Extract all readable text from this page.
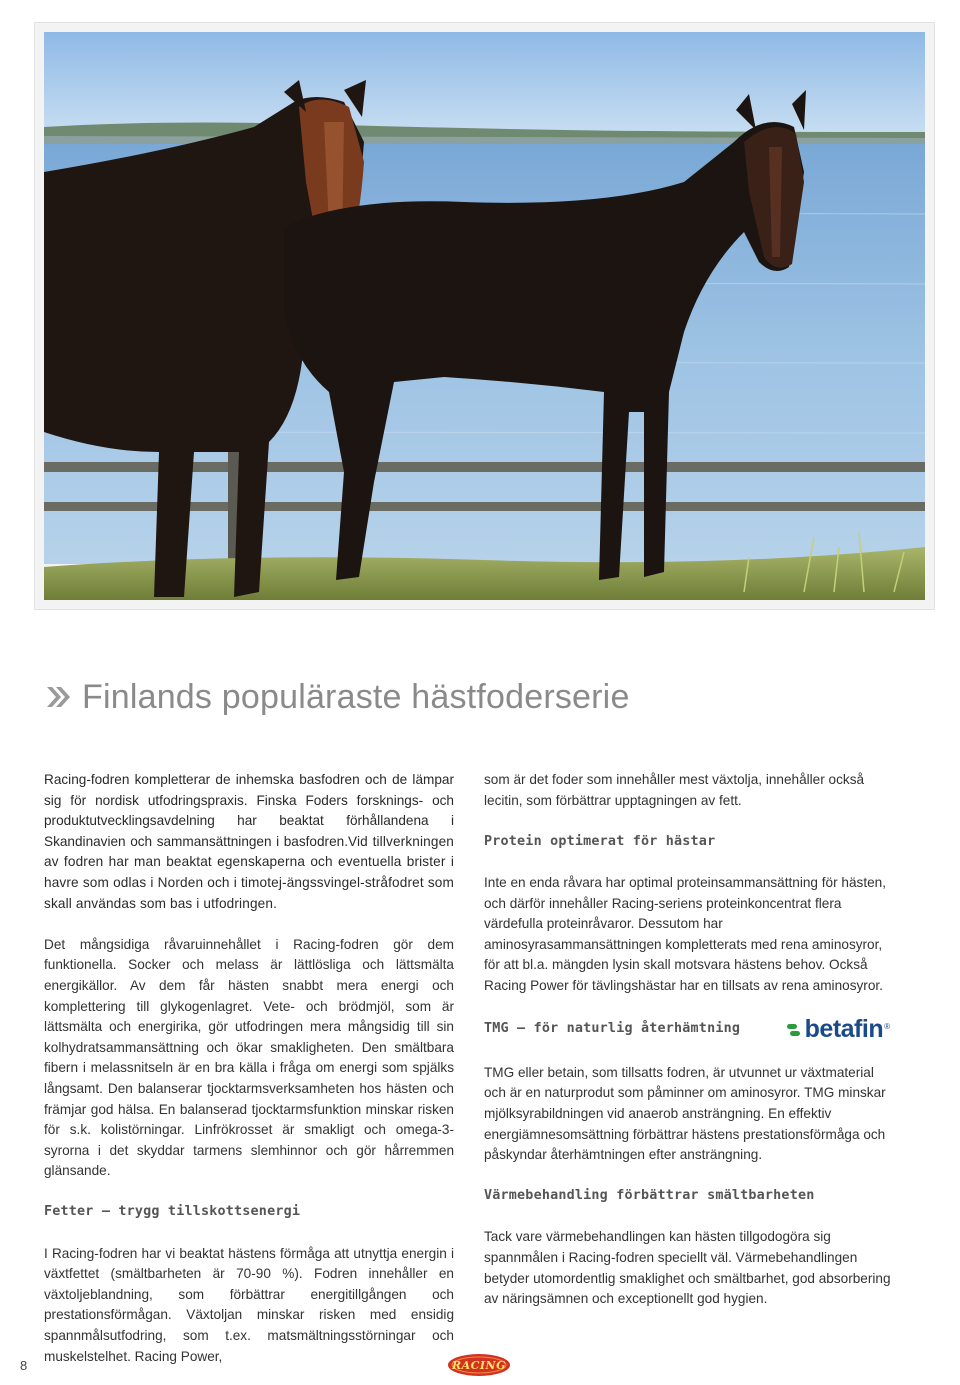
Finlands populäraste hästfoderserie

Racing-fodren kompletterar de inhemska basfodren och de lämpar sig för nordisk utfodringspraxis. Finska Foders forsknings- och produktutvecklingsavdelning har beaktat förhållandena i Skandinavien och sammansättningen i basfodren.Vid tillverkningen av fodren har man beaktat egenskaperna och eventuella brister i havre som odlas i Norden och i timotej-ängssvingel-stråfodret som skall användas som bas i utfodringen.

Det mångsidiga råvaruinnehållet i Racing-fodren gör dem funktionella. Socker och melass är lättlösliga och lättsmälta energikällor. Av dem får hästen snabbt mera energi och komplettering till glykogenlagret. Vete- och brödmjöl, som är lättsmälta och energirika, gör utfodringen mera mångsidig till sin kolhydratsammansättning och ökar smakligheten. Den smältbara fibern i melassnitseln är en bra källa i fråga om energi som spjälks långsamt. Den balanserar tjocktarmsverksamheten hos hästen och främjar god hälsa. En balanserad tjocktarmsfunktion minskar risken för s.k. kolistörningar. Linfrökrosset är smakligt och omega-3-syrorna i det skyddar tarmens slemhinnor och gör hårremmen glänsande.

Fetter – trygg tillskottsenergi

I Racing-fodren har vi beaktat hästens förmåga att utnyttja energin i växtfettet (smältbarheten är 70-90 %). Fodren innehåller en växtoljeblandning, som förbättrar energitillgången och prestationsförmågan. Växtoljan minskar risken med ensidig spannmålsutfodring, som t.ex. matsmältningsstörningar och muskelstelhet. Racing Power,

som är det foder som innehåller mest växtolja, innehåller också lecitin, som förbättrar upptagningen av fett.

Protein optimerat för hästar

Inte en enda råvara har optimal proteinsammansättning för hästen, och därför innehåller Racing-seriens proteinkoncentrat flera värdefulla proteinråvaror. Dessutom har aminosyrasammansättningen kompletterats med rena aminosyror, för att bl.a. mängden lysin skall motsvara hästens behov. Också Racing Power för tävlingshästar har en tillsats av rena aminosyror.

TMG – för naturlig återhämtning	betafin ®

TMG eller betain, som tillsatts fodren, är utvunnet ur växtmaterial och är en naturprodut som påminner om aminosyror. TMG minskar mjölksyrabildningen vid anaerob ansträngning. En effektiv energiämnesomsättning förbättrar hästens prestationsförmåga och påskyndar återhämtningen efter ansträngning.

Värmebehandling förbättrar smältbarheten

Tack vare värmebehandlingen kan hästen tillgodogöra sig spannmålen i Racing-fodren speciellt väl. Värmebehandlingen betyder utomordentlig smaklighet och smältbarhet, god absorbering av näringsämnen och exceptionellt god hygien.

8	RACING
